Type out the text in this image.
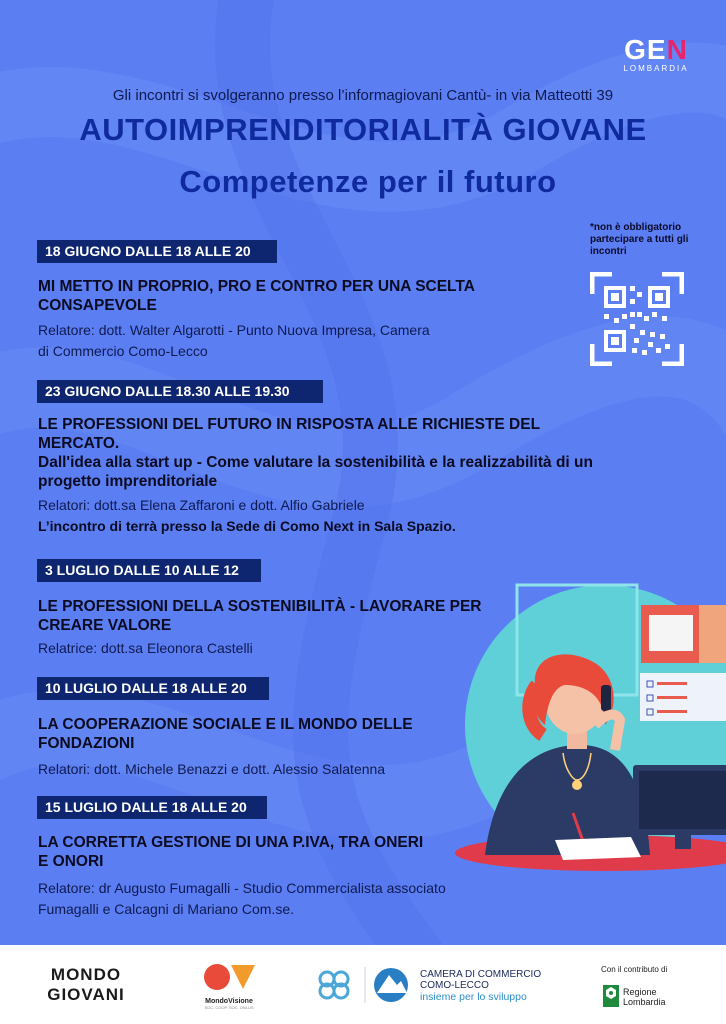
GEN
LOMBARDIA
Gli incontri si svolgeranno presso l’informagiovani Cantù- in via Matteotti 39
AUTOIMPRENDITORIALITÀ GIOVANE
Competenze per il futuro
*non è obbligatorio partecipare a tutti gli incontri
18 GIUGNO DALLE 18 ALLE 20
MI METTO IN PROPRIO, PRO E CONTRO PER UNA SCELTA
CONSAPEVOLE
Relatore: dott. Walter Algarotti - Punto Nuova Impresa, Camera
di Commercio Como-Lecco
23 GIUGNO DALLE 18.30 ALLE 19.30
LE PROFESSIONI DEL FUTURO IN RISPOSTA ALLE RICHIESTE DEL
MERCATO.
Dall'idea alla start up - Come valutare la sostenibilità e la realizzabilità di un
progetto imprenditoriale
Relatori: dott.sa Elena Zaffaroni e dott. Alfio Gabriele
L’incontro di terrà presso la Sede di Como Next in Sala Spazio.
3 LUGLIO DALLE 10 ALLE 12
LE PROFESSIONI DELLA SOSTENIBILITÀ - LAVORARE PER
CREARE VALORE
Relatrice: dott.sa Eleonora Castelli
10 LUGLIO DALLE 18 ALLE 20
LA COOPERAZIONE SOCIALE E IL MONDO DELLE
FONDAZIONI
Relatori: dott. Michele Benazzi e dott. Alessio Salatenna
15 LUGLIO DALLE 18 ALLE 20
LA CORRETTA GESTIONE DI UNA P.IVA, TRA ONERI
E ONORI
Relatore: dr Augusto Fumagalli - Studio Commercialista associato
Fumagalli e Calcagni di Mariano Com.se.
MONDO
GIOVANI	MondoVisione
SOC. COOP. SOC. ONLUS
CAMERA DI COMMERCIO
COMO-LECCO
insieme per lo sviluppo
Con il contributo di
Regione
Lombardia
